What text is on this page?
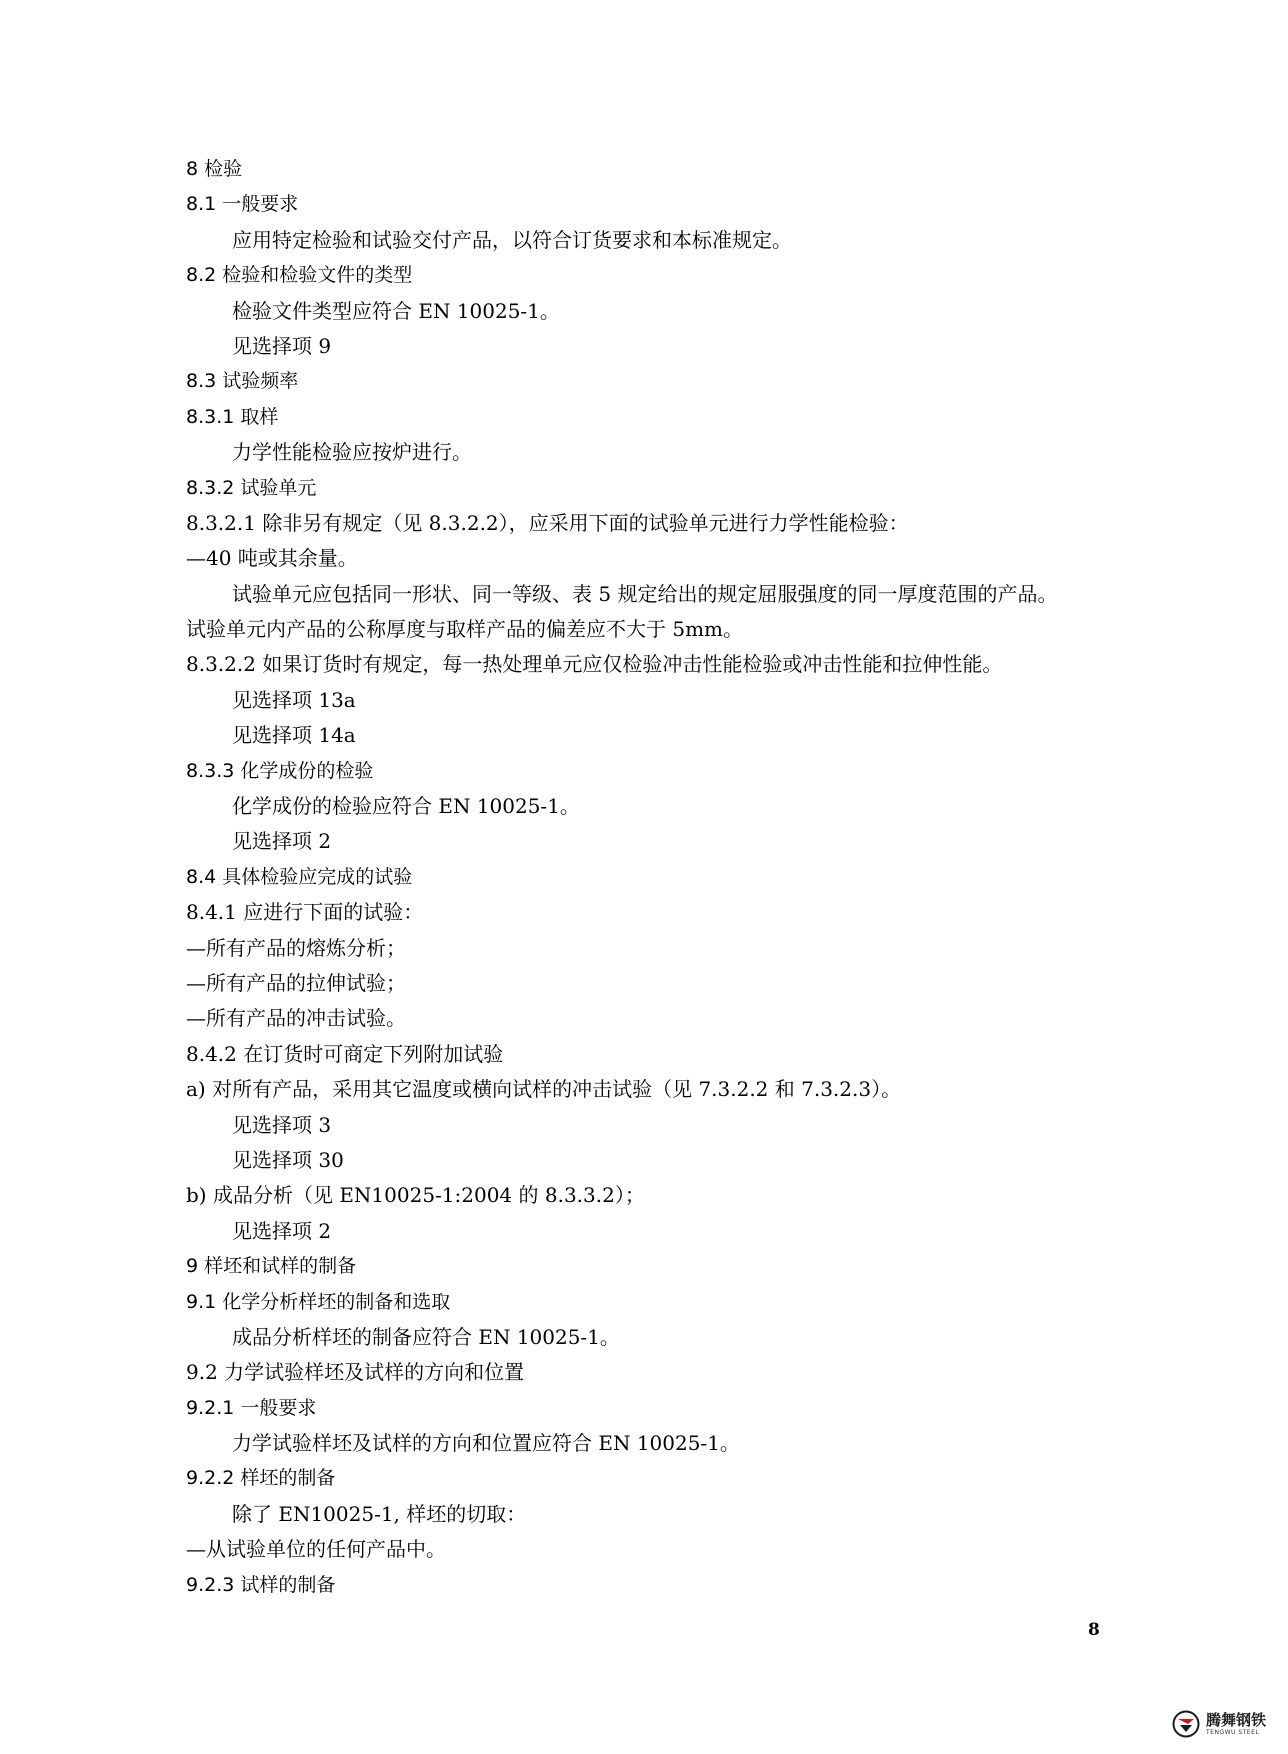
8 检验
8.1 一般要求
应用特定检验和试验交付产品，以符合订货要求和本标准规定。
8.2 检验和检验文件的类型
检验文件类型应符合 EN 10025-1。
见选择项 9
8.3 试验频率
8.3.1 取样
力学性能检验应按炉进行。
8.3.2 试验单元
8.3.2.1 除非另有规定（见 8.3.2.2），应采用下面的试验单元进行力学性能检验：
—40 吨或其余量。
试验单元应包括同一形状、同一等级、表 5 规定给出的规定屈服强度的同一厚度范围的产品。
试验单元内产品的公称厚度与取样产品的偏差应不大于 5mm。
8.3.2.2 如果订货时有规定，每一热处理单元应仅检验冲击性能检验或冲击性能和拉伸性能。
见选择项 13a
见选择项 14a
8.3.3 化学成份的检验
化学成份的检验应符合 EN 10025-1。
见选择项 2
8.4 具体检验应完成的试验
8.4.1 应进行下面的试验：
—所有产品的熔炼分析；
—所有产品的拉伸试验；
—所有产品的冲击试验。
8.4.2 在订货时可商定下列附加试验
a) 对所有产品，采用其它温度或横向试样的冲击试验（见 7.3.2.2 和 7.3.2.3）。
见选择项 3
见选择项 30
b) 成品分析（见 EN10025-1:2004 的 8.3.3.2）；
见选择项 2
9 样坯和试样的制备
9.1 化学分析样坯的制备和选取
成品分析样坯的制备应符合 EN 10025-1。
9.2 力学试验样坯及试样的方向和位置
9.2.1 一般要求
力学试验样坯及试样的方向和位置应符合 EN 10025-1。
9.2.2 样坯的制备
除了 EN10025-1, 样坯的切取：
—从试验单位的任何产品中。
9.2.3 试样的制备
8
腾舞钢铁
TENGWU STEEL
